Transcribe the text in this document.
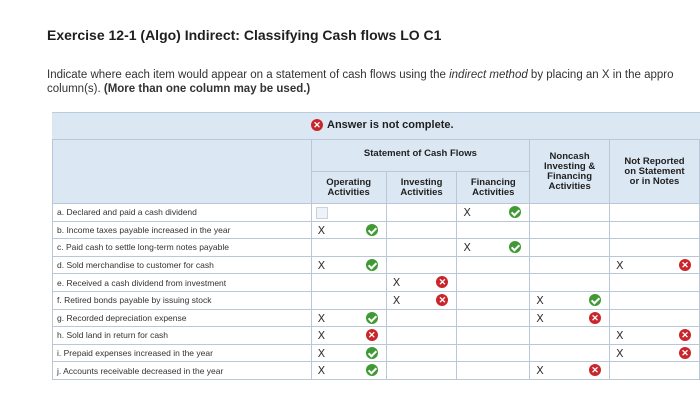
Exercise 12-1 (Algo) Indirect: Classifying Cash flows LO C1
Indicate where each item would appear on a statement of cash flows using the indirect method by placing an X in the appro
column(s). (More than one column may be used.)
✕ Answer is not complete.
	Statement of Cash Flows			Noncash Investing & Financing Activities	Not Reported on Statement or in Notes
	Operating Activities	Investing Activities	Financing Activities		
a. Declared and paid a cash dividend			X		

b. Income taxes payable increased in the year	X				

c. Paid cash to settle long-term notes payable			X		

d. Sold merchandise to customer for cash	X				X ✕

e. Received a cash dividend from investment		X ✕			

f. Retired bonds payable by issuing stock		X ✕		X	

g. Recorded depreciation expense	X			X ✕	

h. Sold land in return for cash	X ✕				X ✕

i. Prepaid expenses increased in the year	X				X ✕

j. Accounts receivable decreased in the year	X			X ✕	
